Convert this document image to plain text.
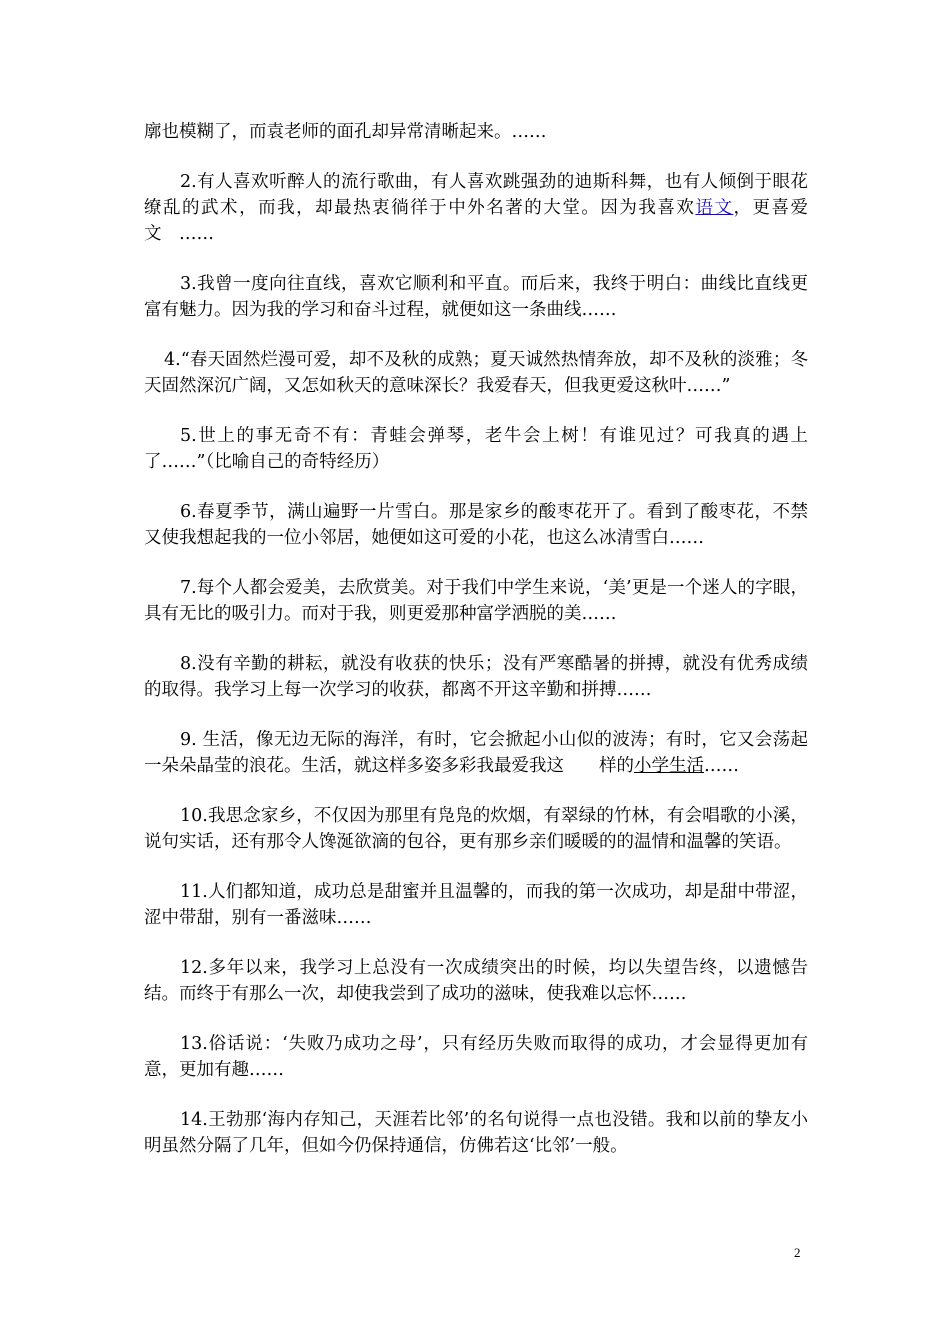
廓也模糊了，而袁老师的面孔却异常清晰起来。……

2.有人喜欢听醉人的流行歌曲，有人喜欢跳强劲的迪斯科舞，也有人倾倒于眼花缭乱的武术，而我，却最热衷徜徉于中外名著的大堂。因为我喜欢语文，更喜爱文　……

3.我曾一度向往直线，喜欢它顺利和平直。而后来，我终于明白：曲线比直线更富有魅力。因为我的学习和奋斗过程，就便如这一条曲线……

4.“春天固然烂漫可爱，却不及秋的成熟；夏天诚然热情奔放，却不及秋的淡雅；冬天固然深沉广阔，又怎如秋天的意味深长？我爱春天，但我更爱这秋叶……”

5.世上的事无奇不有：青蛙会弹琴，老牛会上树！有谁见过？可我真的遇上了……”（比喻自己的奇特经历）

6.春夏季节，满山遍野一片雪白。那是家乡的酸枣花开了。看到了酸枣花，不禁又使我想起我的一位小邻居，她便如这可爱的小花，也这么冰清雪白……

7.每个人都会爱美，去欣赏美。对于我们中学生来说，‘美’更是一个迷人的字眼，具有无比的吸引力。而对于我，则更爱那种富学洒脱的美……

8.没有辛勤的耕耘，就没有收获的快乐；没有严寒酷暑的拼搏，就没有优秀成绩的取得。我学习上每一次学习的收获，都离不开这辛勤和拼搏……

9. 生活，像无边无际的海洋，有时，它会掀起小山似的波涛；有时，它又会荡起一朵朵晶莹的浪花。生活，就这样多姿多彩我最爱我这　　样的小学生活……

10.我思念家乡，不仅因为那里有凫凫的炊烟，有翠绿的竹林，有会唱歌的小溪，说句实话，还有那令人馋涎欲滴的包谷，更有那乡亲们暖暖的的温情和温馨的笑语。

11.人们都知道，成功总是甜蜜并且温馨的，而我的第一次成功，却是甜中带涩，涩中带甜，别有一番滋味……

12.多年以来，我学习上总没有一次成绩突出的时候，均以失望告终，以遗憾告结。而终于有那么一次，却使我尝到了成功的滋味，使我难以忘怀……

13.俗话说：‘失败乃成功之母’，只有经历失败而取得的成功，才会显得更加有意，更加有趣……

14.王勃那‘海内存知己，天涯若比邻’的名句说得一点也没错。我和以前的挚友小明虽然分隔了几年，但如今仍保持通信，仿佛若这‘比邻’一般。

2
